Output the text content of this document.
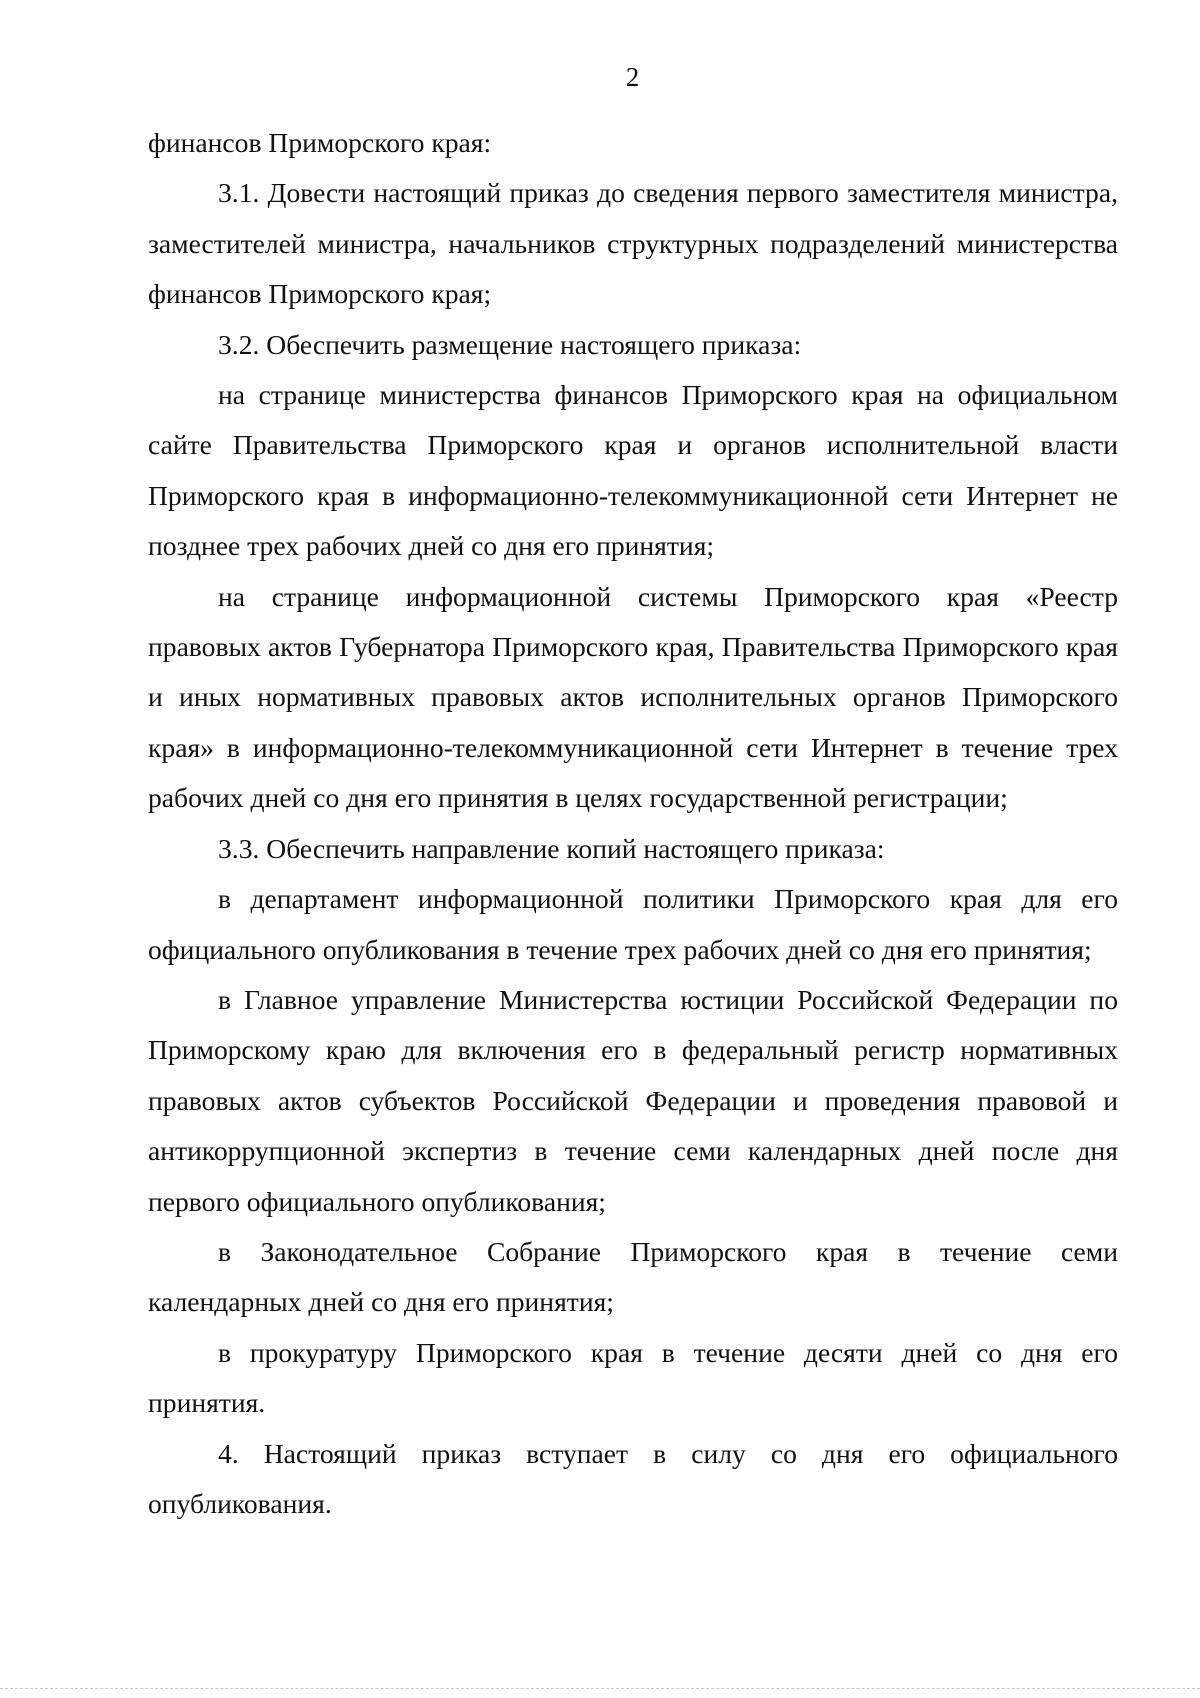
2

финансов Приморского края:

3.1. Довести настоящий приказ до сведения первого заместителя министра, заместителей министра, начальников структурных подразделений министерства финансов Приморского края;

3.2. Обеспечить размещение настоящего приказа:

на странице министерства финансов Приморского края на официальном сайте Правительства Приморского края и органов исполнительной власти Приморского края в информационно-телекоммуникационной сети Интернет не позднее трех рабочих дней со дня его принятия;

на странице информационной системы Приморского края «Реестр правовых актов Губернатора Приморского края, Правительства Приморского края и иных нормативных правовых актов исполнительных органов Приморского края» в информационно-телекоммуникационной сети Интернет в течение трех рабочих дней со дня его принятия в целях государственной регистрации;

3.3. Обеспечить направление копий настоящего приказа:

в департамент информационной политики Приморского края для его официального опубликования в течение трех рабочих дней со дня его принятия;

в Главное управление Министерства юстиции Российской Федерации по Приморскому краю для включения его в федеральный регистр нормативных правовых актов субъектов Российской Федерации и проведения правовой и антикоррупционной экспертиз в течение семи календарных дней после дня первого официального опубликования;

в Законодательное Собрание Приморского края в течение семи календарных дней со дня его принятия;

в прокуратуру Приморского края в течение десяти дней со дня его принятия.

4. Настоящий приказ вступает в силу со дня его официального опубликования.
